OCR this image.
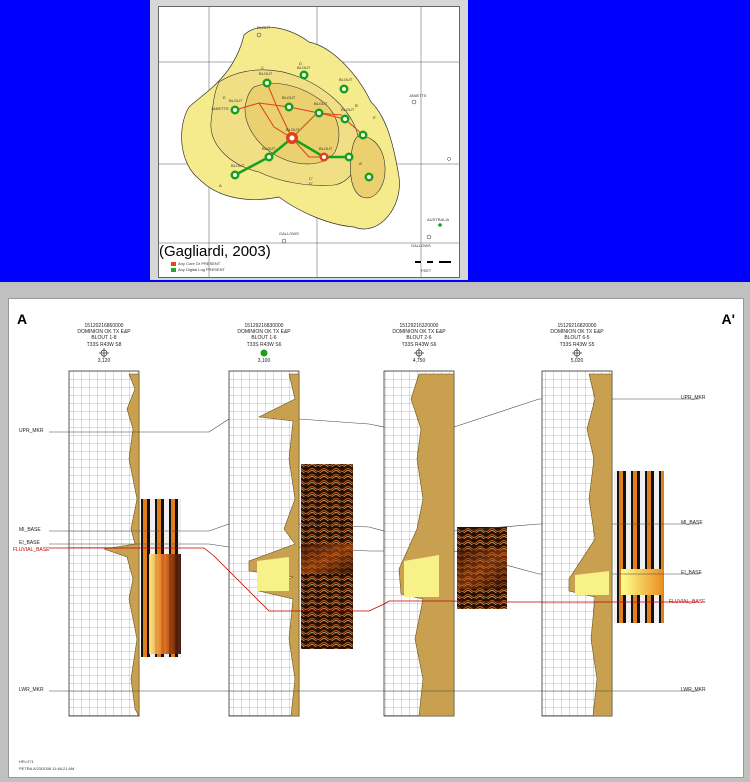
BLOUT
BLOUT
BLOUT
BLOUT
BLOUT
BLOUT
BLOUT
BLOUT
BLOUT
BLOUT	BLOUT
BLOUT
JANETTE
JANETTE
AUSTRALIA
GALLOWS
GALLOWS
E
E'
C
C'
D
D'
B'
A
A'
(Gagliardi, 2003)
Any Core Or PRESENT
Any Digital Log PRESENT	FEET
A	A'
15120216860000
DOMINION OK TX E&P
BLOUT 1-8
T33S R43W S8
3,120
15129216830000
DOMINION OK TX E&P
BLOUT 1-6
T33S R43W S6
3,100
15129216320000
DOMINION OK TX E&P
BLOUT 2-6
T33S R43W S6
4,750
15129216820000
DOMINION OK TX E&P
BLOUT 6-5
T33S R43W S5
5,020
UPR_MKR
MI_BASE
EI_BASE
FLUVIAL_BASE
LWR_MKR
UPR_MKR
MI_BASE
EI_BASE
FLUVIAL_BASE
LWR_MKR
HR=271
PETRA 8/23/2006 11:46:21 AM
